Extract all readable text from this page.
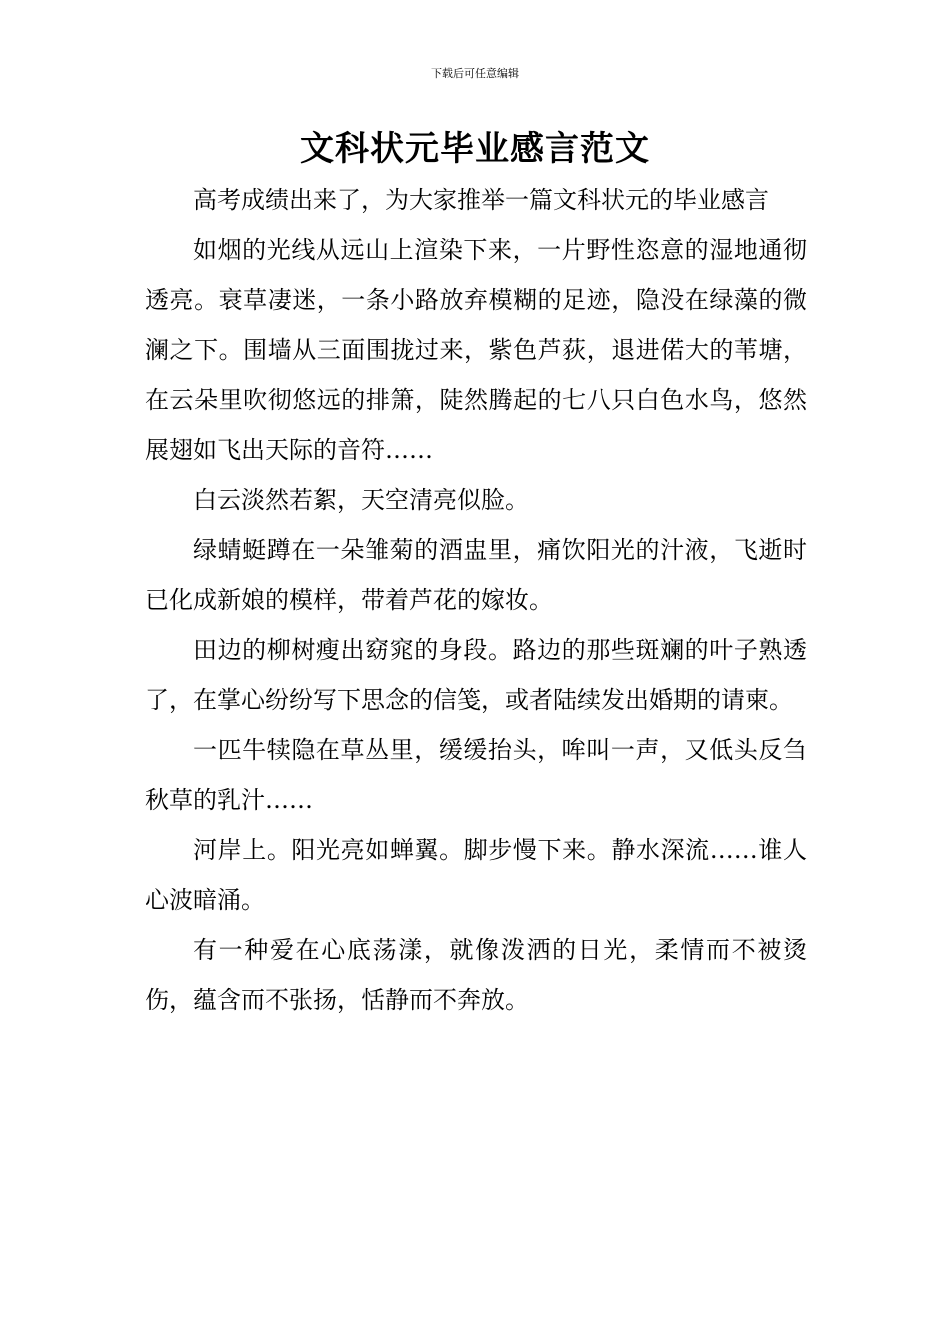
下载后可任意编辑
文科状元毕业感言范文

高考成绩出来了，为大家推举一篇文科状元的毕业感言

如烟的光线从远山上渲染下来，一片野性恣意的湿地通彻透亮。衰草凄迷，一条小路放弃模糊的足迹，隐没在绿藻的微澜之下。围墙从三面围拢过来，紫色芦荻，退进偌大的苇塘，在云朵里吹彻悠远的排箫，陡然腾起的七八只白色水鸟，悠然展翅如飞出天际的音符……

白云淡然若絮，天空清亮似脸。

绿蜻蜓蹲在一朵雏菊的酒盅里，痛饮阳光的汁液，飞逝时已化成新娘的模样，带着芦花的嫁妆。

田边的柳树瘦出窈窕的身段。路边的那些斑斓的叶子熟透了，在掌心纷纷写下思念的信笺，或者陆续发出婚期的请柬。

一匹牛犊隐在草丛里，缓缓抬头，哞叫一声，又低头反刍秋草的乳汁……

河岸上。阳光亮如蝉翼。脚步慢下来。静水深流……谁人心波暗涌。

有一种爱在心底荡漾，就像泼洒的日光，柔情而不被烫伤，蕴含而不张扬，恬静而不奔放。
